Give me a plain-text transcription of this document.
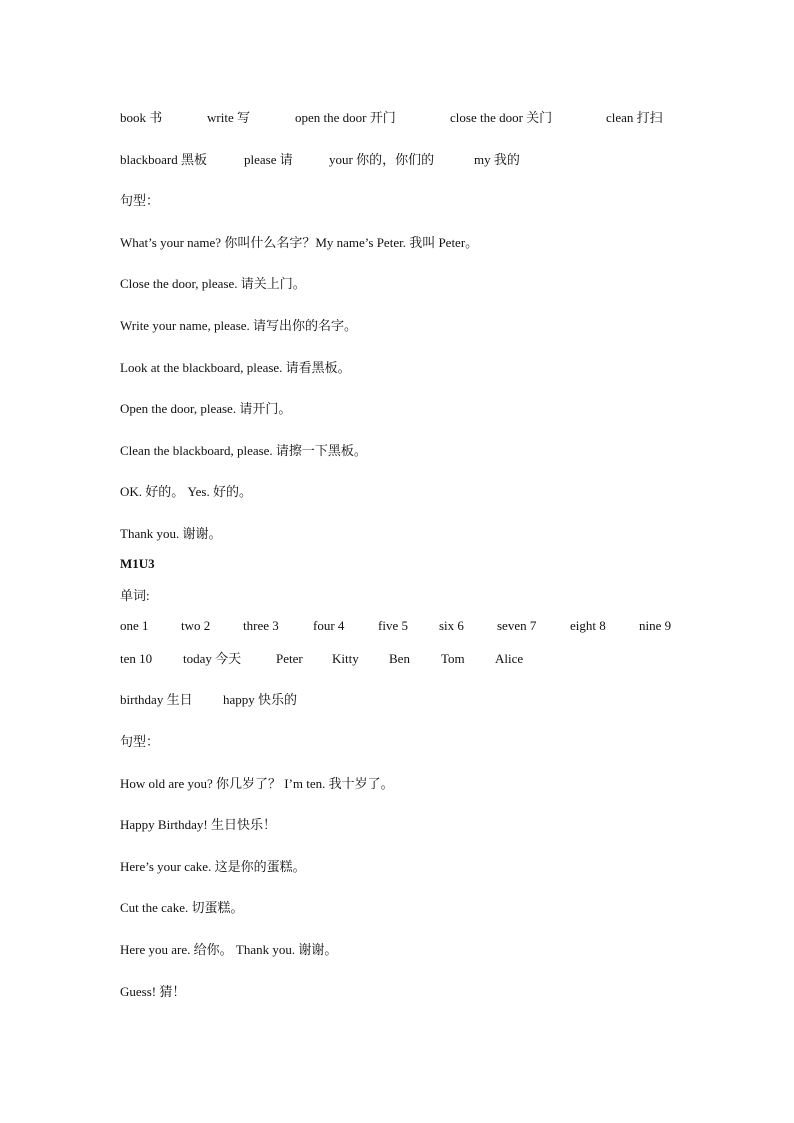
book 书	write 写	open the door 开门	close the door 关门	clean 打扫
blackboard 黑板	please 请	your 你的，你们的	my 我的
句型：
What’s your name? 你叫什么名字？My name’s Peter. 我叫 Peter。
Close the door, please. 请关上门。
Write your name, please. 请写出你的名字。
Look at the blackboard, please. 请看黑板。
Open the door, please. 请开门。
Clean the blackboard, please. 请擦一下黑板。
OK. 好的。 Yes. 好的。
Thank you. 谢谢。
M1U3
单词:
one 1 two 2	three 3	four 4	five 5 six 6	seven 7	eight 8	nine 9
ten 10 today 今天	Peter Kitty Ben Tom Alice
birthday 生日 happy 快乐的
句型：
How old are you? 你几岁了？ I’m ten. 我十岁了。
Happy Birthday! 生日快乐！
Here’s your cake. 这是你的蛋糕。
Cut the cake. 切蛋糕。
Here you are. 给你。 Thank you. 谢谢。
Guess! 猜！
